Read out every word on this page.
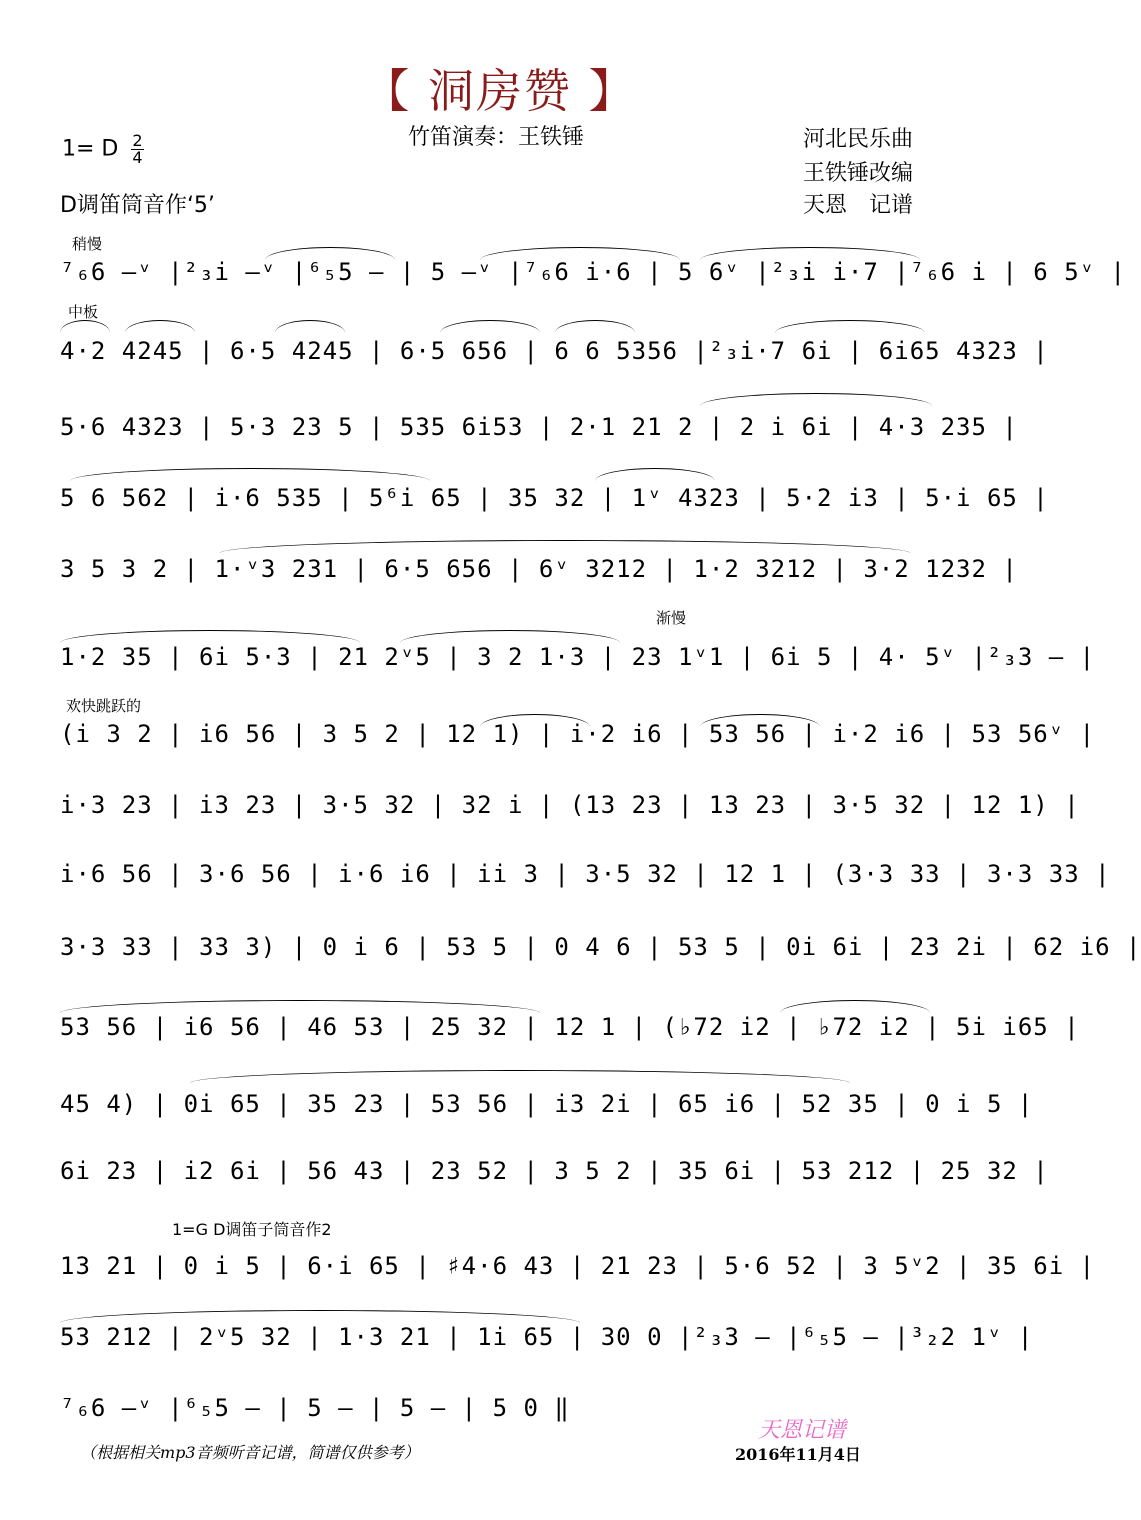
【 洞房赞 】
1= D $\frac{2}{4}$
D调笛筒音作‘5’
竹笛演奏：王铁锤	河北民乐曲
王铁锤改编
天恩　记谱
稍慢
中板
渐慢
欢快跳跃的
1=G D调笛子筒音作2
⁷₆6 –ᵛ |²₃i –ᵛ |⁶₅5 – | 5 –ᵛ |⁷₆6 i·6 | 5 6ᵛ |²₃i i·7 |⁷₆6 i | 6 5ᵛ |
4·2 4245 | 6·5 4245 | 6·5 656 | 6 6 5356 |²₃i·7 6i | 6i65 4323 |
5·6 4323 | 5·3 23 5 | 535 6i53 | 2·1 21 2 | 2 i 6i | 4·3 235 |
5 6 562 | i·6 535 | 5⁶i 65 | 35 32 | 1ᵛ 4323 | 5·2 i3 | 5·i 65 |
3 5 3 2 | 1·ᵛ3 231 | 6·5 656 | 6ᵛ 3212 | 1·2 3212 | 3·2 1232 |
1·2 35 | 6i 5·3 | 21 2ᵛ5 | 3 2 1·3 | 23 1ᵛ1 | 6i 5 | 4· 5ᵛ |²₃3 – |
(i 3 2 | i6 56 | 3 5 2 | 12 1) | i·2 i6 | 53 56 | i·2 i6 | 53 56ᵛ |
i·3 23 | i3 23 | 3·5 32 | 32 i | (13 23 | 13 23 | 3·5 32 | 12 1) |
i·6 56 | 3·6 56 | i·6 i6 | ii 3 | 3·5 32 | 12 1 | (3·3 33 | 3·3 33 |
3·3 33 | 33 3) | 0 i 6 | 53 5 | 0 4 6 | 53 5 | 0i 6i | 23 2i | 62 i6 |
53 56 | i6 56 | 46 53 | 25 32 | 12 1 | (♭72 i2 | ♭72 i2 | 5i i65 |
45 4) | 0i 65 | 35 23 | 53 56 | i3 2i | 65 i6 | 52 35 | 0 i 5 |
6i 23 | i2 6i | 56 43 | 23 52 | 3 5 2 | 35 6i | 53 212 | 25 32 |
13 21 | 0 i 5 | 6·i 65 | ♯4·6 43 | 21 23 | 5·6 52 | 3 5ᵛ2 | 35 6i |
53 212 | 2ᵛ5 32 | 1·3 21 | 1i 65 | 30 0 |²₃3 – |⁶₅5 – |³₂2 1ᵛ |
⁷₆6 –ᵛ |⁶₅5 – | 5 – | 5 – | 5 0 ‖
（根据相关mp3音频听音记谱，简谱仅供参考）
天恩记谱
2016年11月4日
